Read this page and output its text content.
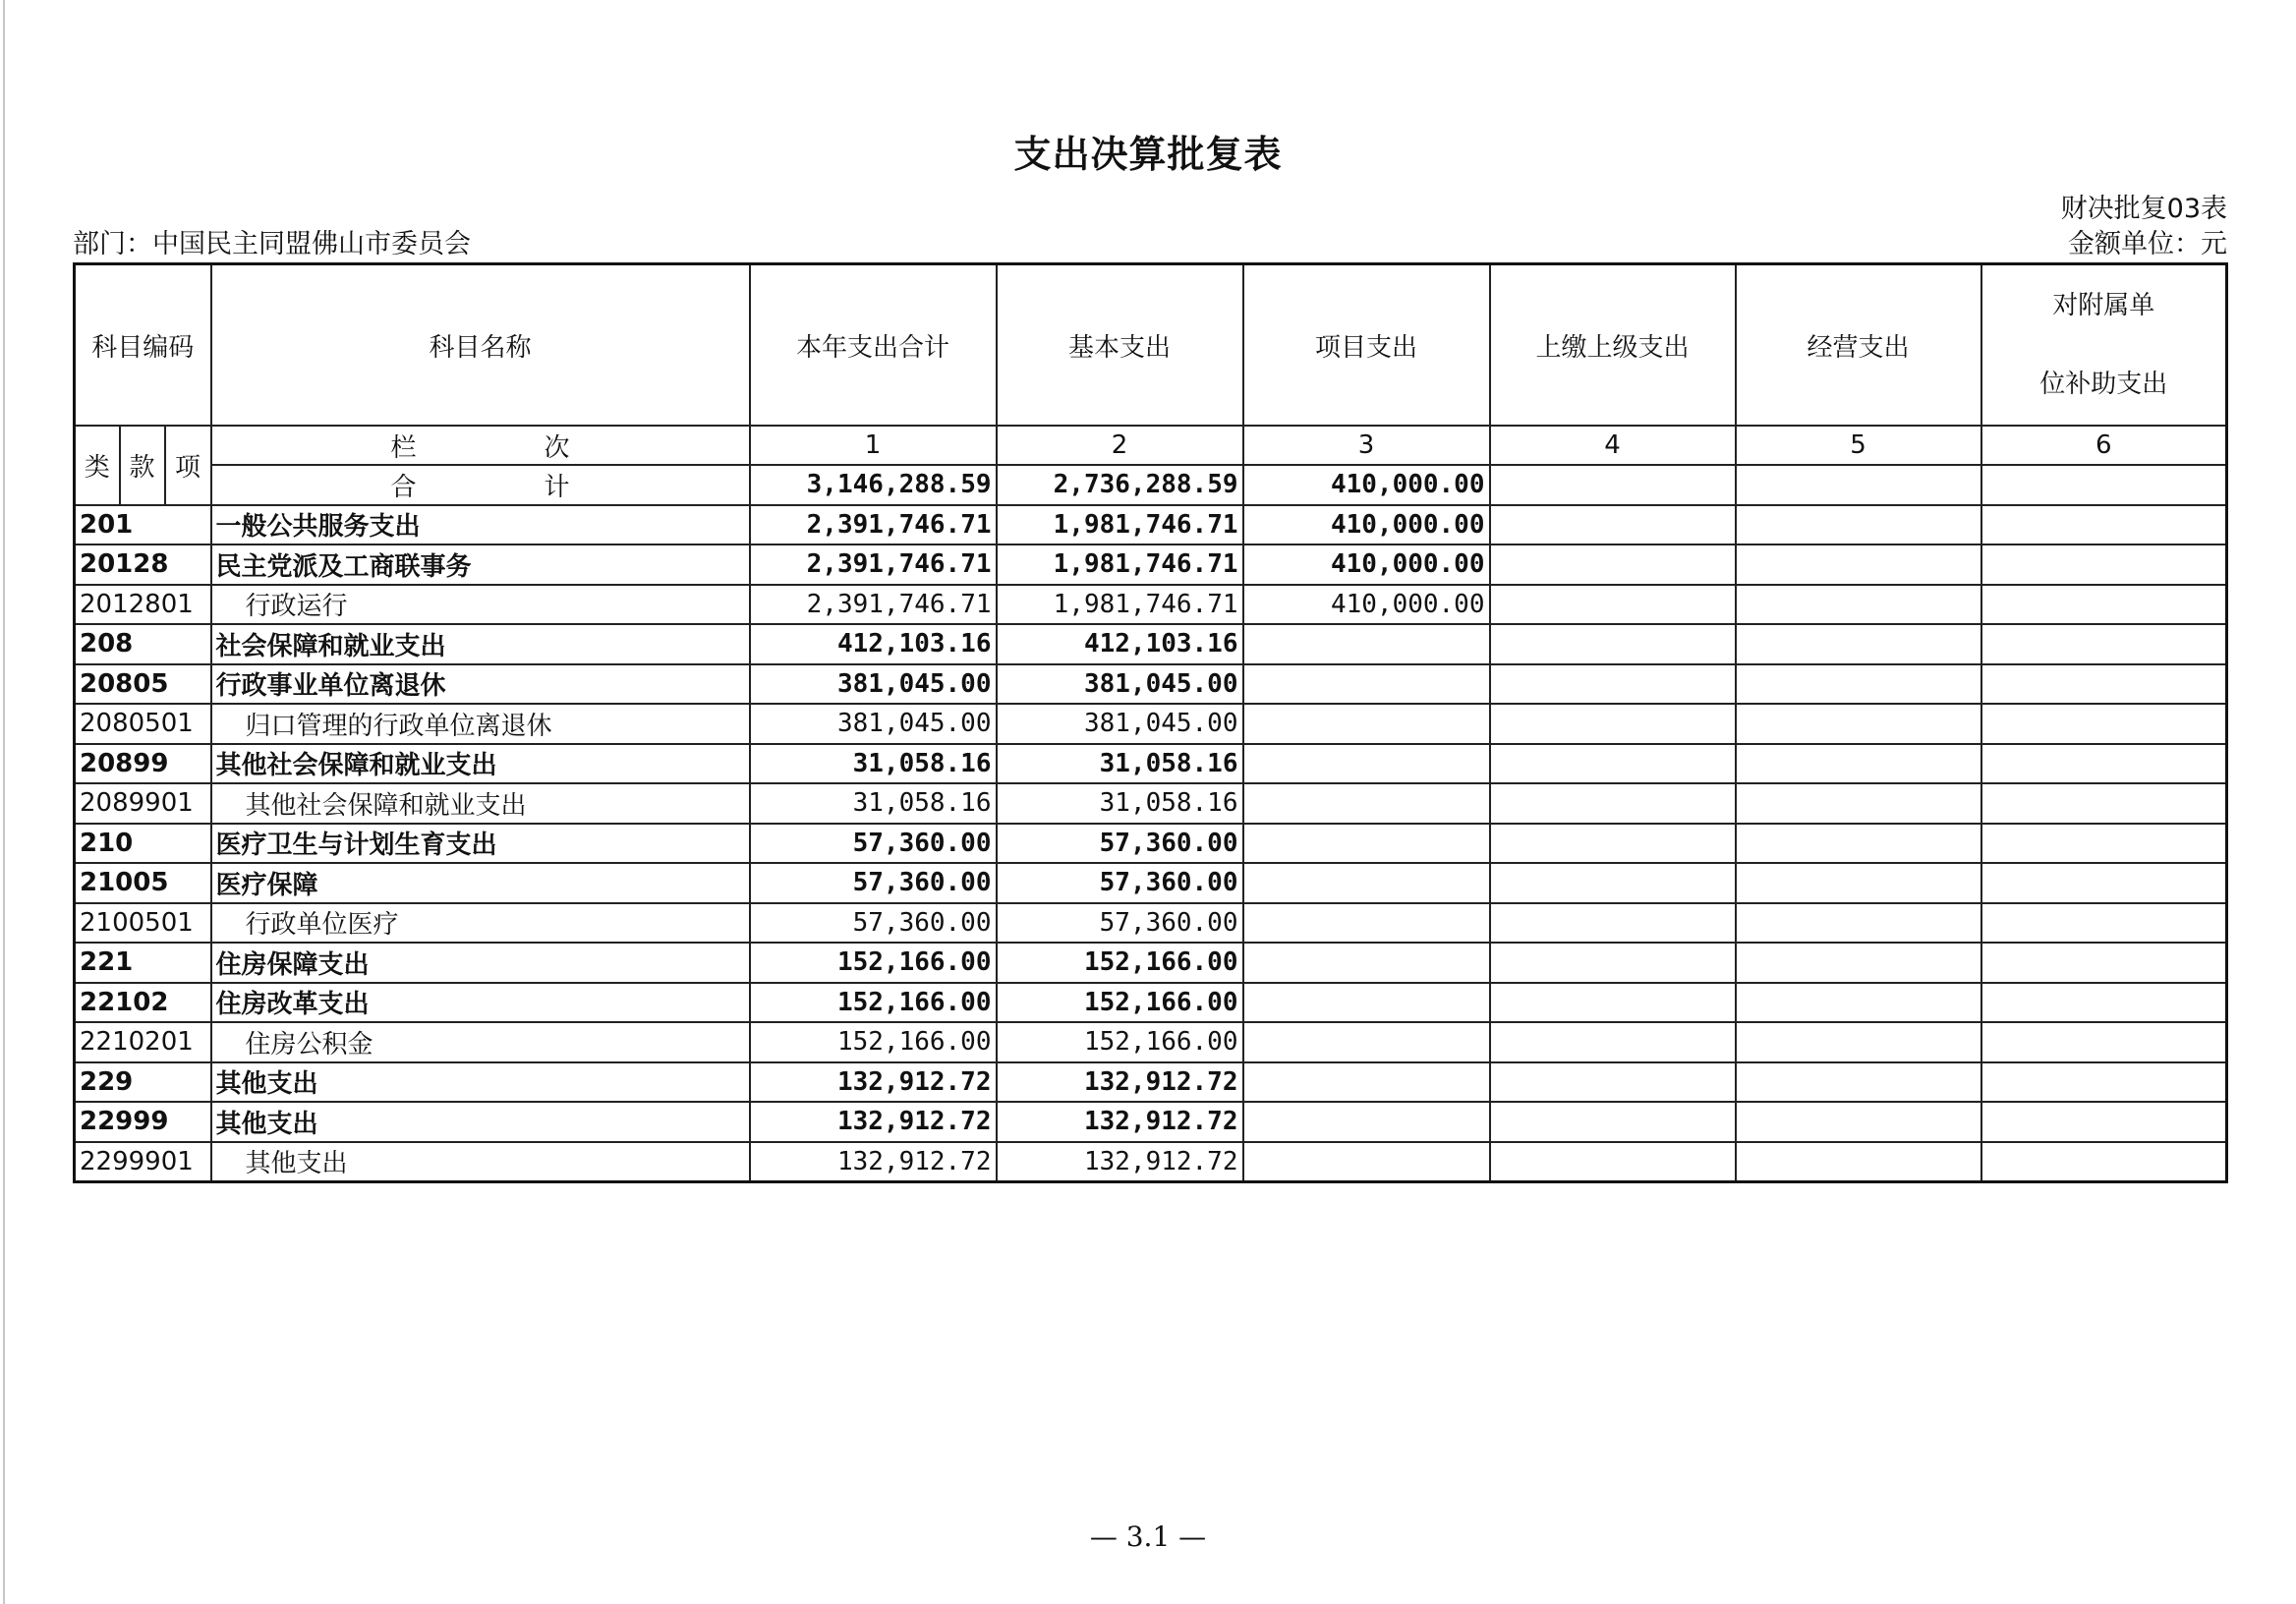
支出决算批复表
财决批复03表
金额单位：元
部门：中国民主同盟佛山市委员会
科目编码			科目名称	本年支出合计	基本支出	项目支出	上缴上级支出	经营支出	对附属单
位补助支出
类	款	项	栏 次	1	2	3	4	5	6
			合 计	3,146,288.59	2,736,288.59	410,000.00			
201			一般公共服务支出	2,391,746.71	1,981,746.71	410,000.00			
20128			民主党派及工商联事务	2,391,746.71	1,981,746.71	410,000.00			
2012801			行政运行	2,391,746.71	1,981,746.71	410,000.00			
208			社会保障和就业支出	412,103.16	412,103.16				
20805			行政事业单位离退休	381,045.00	381,045.00				
2080501			归口管理的行政单位离退休	381,045.00	381,045.00				
20899			其他社会保障和就业支出	31,058.16	31,058.16				
2089901			其他社会保障和就业支出	31,058.16	31,058.16				
210			医疗卫生与计划生育支出	57,360.00	57,360.00				
21005			医疗保障	57,360.00	57,360.00				
2100501			行政单位医疗	57,360.00	57,360.00				
221			住房保障支出	152,166.00	152,166.00				
22102			住房改革支出	152,166.00	152,166.00				
2210201			住房公积金	152,166.00	152,166.00				
229			其他支出	132,912.72	132,912.72				
22999			其他支出	132,912.72	132,912.72				
2299901			其他支出	132,912.72	132,912.72				
— 3.1 —
